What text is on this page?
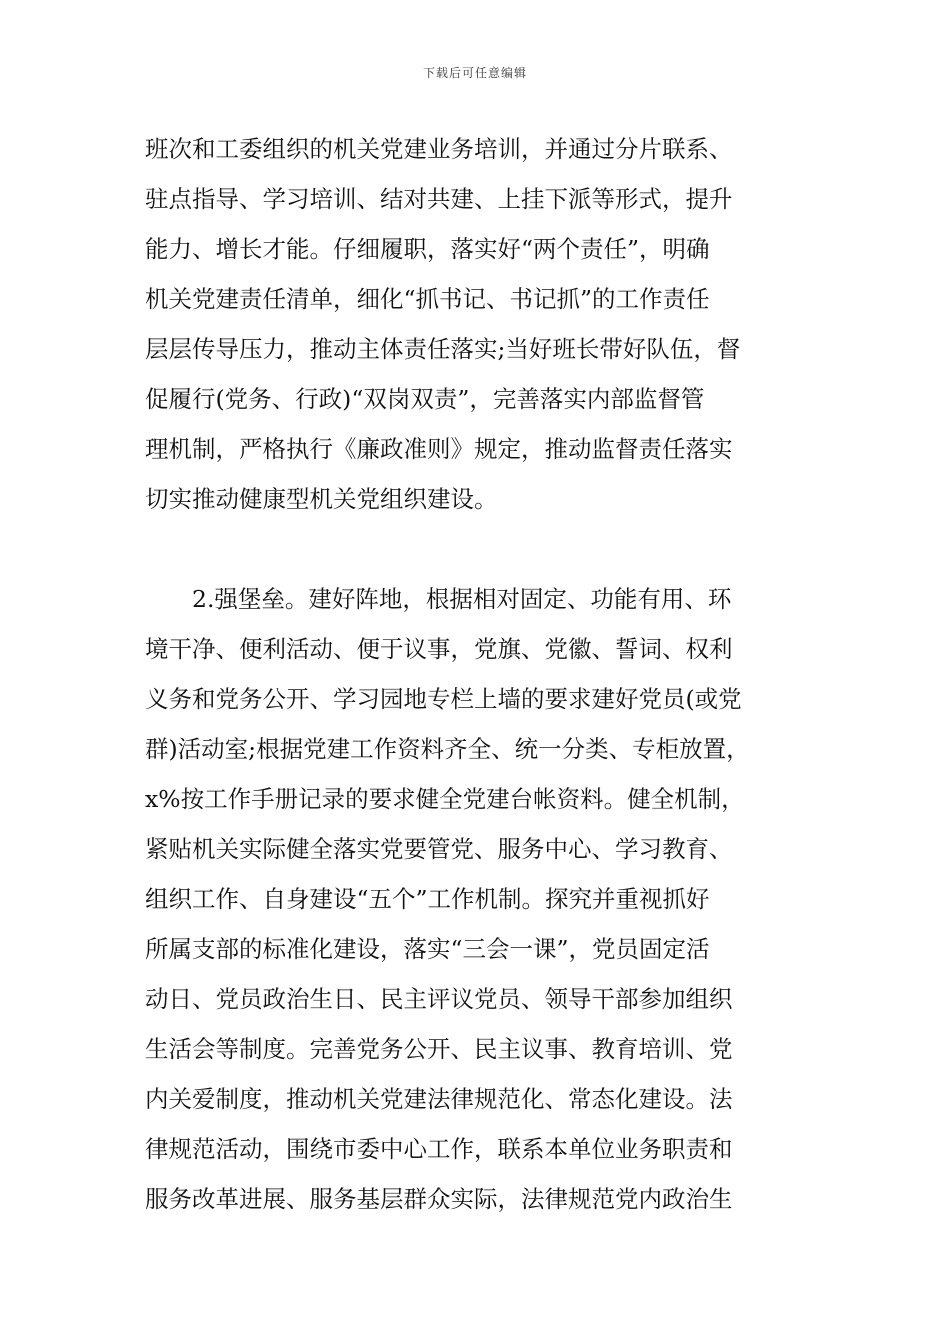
下载后可任意编辑
班次和工委组织的机关党建业务培训，并通过分片联系、
驻点指导、学习培训、结对共建、上挂下派等形式，提升
能力、增长才能。仔细履职，落实好“两个责任”，明确
机关党建责任清单，细化“抓书记、书记抓”的工作责任
层层传导压力，推动主体责任落实;当好班长带好队伍，督
促履行(党务、行政)“双岗双责”，完善落实内部监督管
理机制，严格执行《廉政准则》规定，推动监督责任落实
切实推动健康型机关党组织建设。
2.强堡垒。建好阵地，根据相对固定、功能有用、环
境干净、便利活动、便于议事，党旗、党徽、誓词、权利
义务和党务公开、学习园地专栏上墙的要求建好党员(或党
群)活动室;根据党建工作资料齐全、统一分类、专柜放置，
x%按工作手册记录的要求健全党建台帐资料。健全机制，
紧贴机关实际健全落实党要管党、服务中心、学习教育、
组织工作、自身建设“五个”工作机制。探究并重视抓好
所属支部的标准化建设，落实“三会一课”，党员固定活
动日、党员政治生日、民主评议党员、领导干部参加组织
生活会等制度。完善党务公开、民主议事、教育培训、党
内关爱制度，推动机关党建法律规范化、常态化建设。法
律规范活动，围绕市委中心工作，联系本单位业务职责和
服务改革进展、服务基层群众实际，法律规范党内政治生
